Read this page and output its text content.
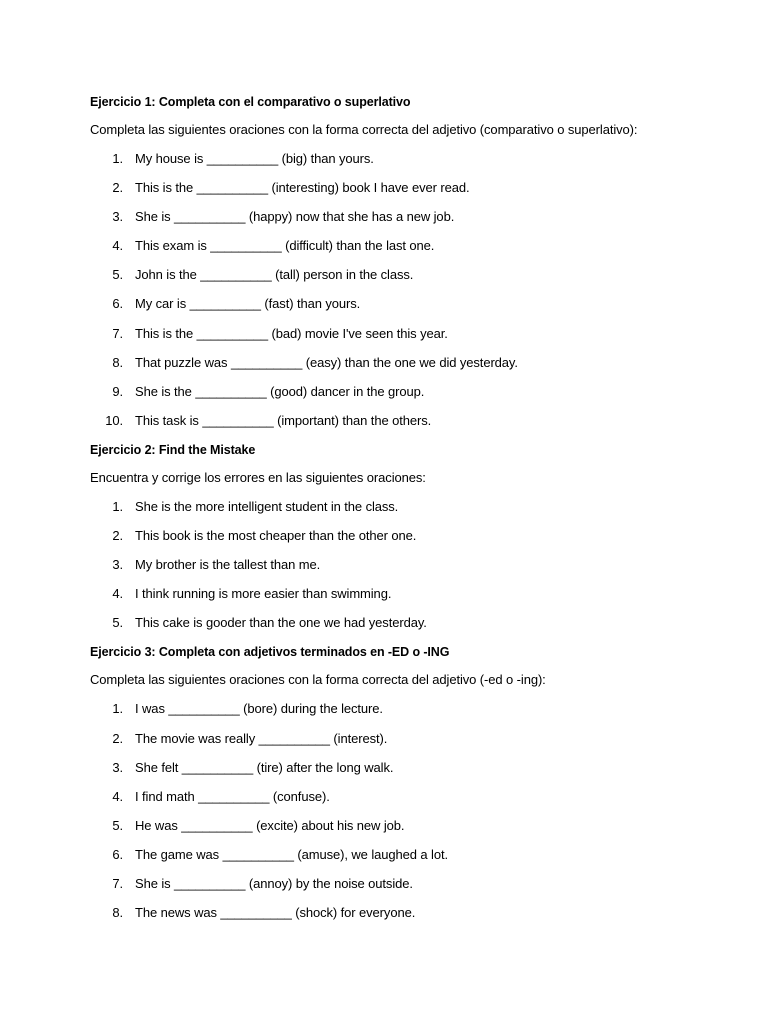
Ejercicio 1: Completa con el comparativo o superlativo
Completa las siguientes oraciones con la forma correcta del adjetivo (comparativo o superlativo):
1. My house is __________ (big) than yours.
2. This is the __________ (interesting) book I have ever read.
3. She is __________ (happy) now that she has a new job.
4. This exam is __________ (difficult) than the last one.
5. John is the __________ (tall) person in the class.
6. My car is __________ (fast) than yours.
7. This is the __________ (bad) movie I've seen this year.
8. That puzzle was __________ (easy) than the one we did yesterday.
9. She is the __________ (good) dancer in the group.
10. This task is __________ (important) than the others.
Ejercicio 2: Find the Mistake
Encuentra y corrige los errores en las siguientes oraciones:
1. She is the more intelligent student in the class.
2. This book is the most cheaper than the other one.
3. My brother is the tallest than me.
4. I think running is more easier than swimming.
5. This cake is gooder than the one we had yesterday.
Ejercicio 3: Completa con adjetivos terminados en -ED o -ING
Completa las siguientes oraciones con la forma correcta del adjetivo (-ed o -ing):
1. I was __________ (bore) during the lecture.
2. The movie was really __________ (interest).
3. She felt __________ (tire) after the long walk.
4. I find math __________ (confuse).
5. He was __________ (excite) about his new job.
6. The game was __________ (amuse), we laughed a lot.
7. She is __________ (annoy) by the noise outside.
8. The news was __________ (shock) for everyone.
